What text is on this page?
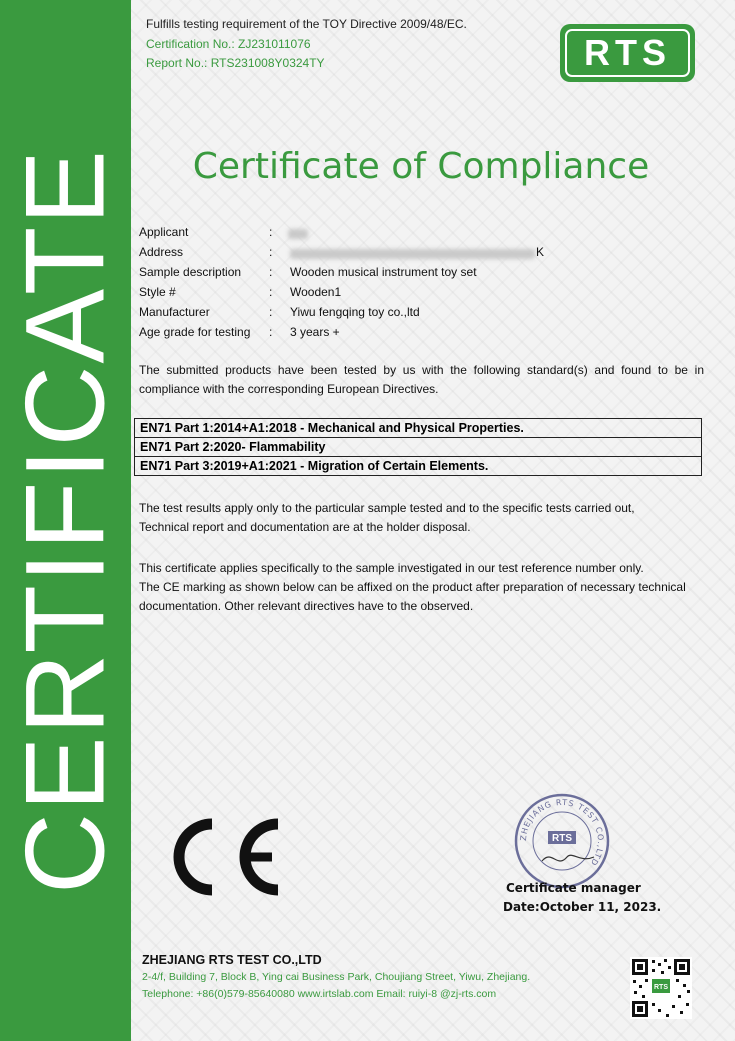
CERTIFICATE
Fulfills testing requirement of the TOY Directive 2009/48/EC.
Certification No.: ZJ231011076
Report No.: RTS231008Y0324TY	RTS
Certificate of Compliance
Applicant	:
Address	:	K
Sample description : Wooden musical instrument toy set
Style #	: Wooden1
Manufacturer	: Yiwu fengqing toy co.,ltd
Age grade for testing : 3 years +
The submitted products have been tested by us with the following standard(s) and found to be in compliance with the corresponding European Directives.
EN71 Part 1:2014+A1:2018 - Mechanical and Physical Properties.
EN71 Part 2:2020- Flammability
EN71 Part 3:2019+A1:2021 - Migration of Certain Elements.
The test results apply only to the particular sample tested and to the specific tests carried out,
Technical report and documentation are at the holder disposal.
This certificate applies specifically to the sample investigated in our test reference number only.
The CE marking as shown below can be affixed on the product after preparation of necessary technical
documentation. Other relevant directives have to the observed.
ZHEJIANG RTS TEST CO.,LTD
RTS
Certificate manager
Date:October 11, 2023.
ZHEJIANG RTS TEST CO.,LTD
2-4/f, Building 7, Block B, Ying cai Business Park, Choujiang Street, Yiwu, Zhejiang.
Telephone: +86(0)579-85640080 www.irtslab.com Email: ruiyi-8 @zj-rts.com
RTS
